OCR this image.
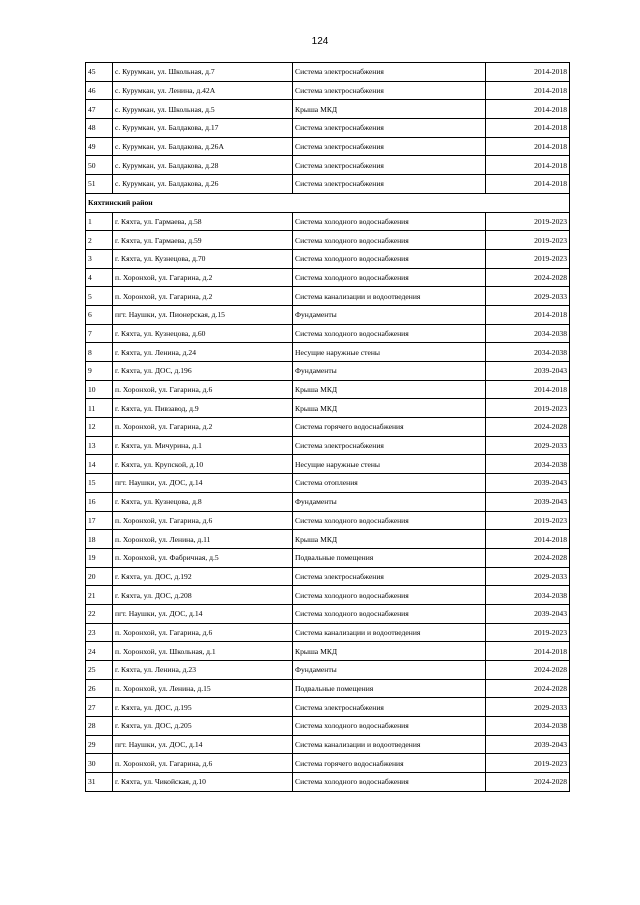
124
45	с. Курумкан, ул. Школьная, д.7	Система электроснабжения	2014-2018
46	с. Курумкан, ул. Ленина, д.42А	Система электроснабжения	2014-2018
47	с. Курумкан, ул. Школьная, д.5	Крыша МКД	2014-2018
48	с. Курумкан, ул. Балдакова, д.17	Система электроснабжения	2014-2018
49	с. Курумкан, ул. Балдакова, д.26А	Система электроснабжения	2014-2018
50	с. Курумкан, ул. Балдакова, д.28	Система электроснабжения	2014-2018
51	с. Курумкан, ул. Балдакова, д.26	Система электроснабжения	2014-2018
Кяхтинский район			
1	г. Кяхта, ул. Гармаева, д.58	Система холодного водоснабжения	2019-2023
2	г. Кяхта, ул. Гармаева, д.59	Система холодного водоснабжения	2019-2023
3	г. Кяхта, ул. Кузнецова, д.70	Система холодного водоснабжения	2019-2023
4	п. Хоронхой, ул. Гагарина, д.2	Система холодного водоснабжения	2024-2028
5	п. Хоронхой, ул. Гагарина, д.2	Система канализации и водоотведения	2029-2033
6	пгт. Наушки, ул. Пионерская, д.15	Фундаменты	2014-2018
7	г. Кяхта, ул. Кузнецова, д.60	Система холодного водоснабжения	2034-2038
8	г. Кяхта, ул. Ленина, д.24	Несущие наружные стены	2034-2038
9	г. Кяхта, ул. ДОС, д.196	Фундаменты	2039-2043
10	п. Хоронхой, ул. Гагарина, д.6	Крыша МКД	2014-2018
11	г. Кяхта, ул. Пивзавод, д.9	Крыша МКД	2019-2023
12	п. Хоронхой, ул. Гагарина, д.2	Система горячего водоснабжения	2024-2028
13	г. Кяхта, ул. Мичурина, д.1	Система электроснабжения	2029-2033
14	г. Кяхта, ул. Крупской, д.10	Несущие наружные стены	2034-2038
15	пгт. Наушки, ул. ДОС, д.14	Система отопления	2039-2043
16	г. Кяхта, ул. Кузнецова, д.8	Фундаменты	2039-2043
17	п. Хоронхой, ул. Гагарина, д.6	Система холодного водоснабжения	2019-2023
18	п. Хоронхой, ул. Ленина, д.11	Крыша МКД	2014-2018
19	п. Хоронхой, ул. Фабричная, д.5	Подвальные помещения	2024-2028
20	г. Кяхта, ул. ДОС, д.192	Система электроснабжения	2029-2033
21	г. Кяхта, ул. ДОС, д.208	Система холодного водоснабжения	2034-2038
22	пгт. Наушки, ул. ДОС, д.14	Система холодного водоснабжения	2039-2043
23	п. Хоронхой, ул. Гагарина, д.6	Система канализации и водоотведения	2019-2023
24	п. Хоронхой, ул. Школьная, д.1	Крыша МКД	2014-2018
25	г. Кяхта, ул. Ленина, д.23	Фундаменты	2024-2028
26	п. Хоронхой, ул. Ленина, д.15	Подвальные помещения	2024-2028
27	г. Кяхта, ул. ДОС, д.195	Система электроснабжения	2029-2033
28	г. Кяхта, ул. ДОС, д.205	Система холодного водоснабжения	2034-2038
29	пгт. Наушки, ул. ДОС, д.14	Система канализации и водоотведения	2039-2043
30	п. Хоронхой, ул. Гагарина, д.6	Система горячего водоснабжения	2019-2023
31	г. Кяхта, ул. Чикойская, д.10	Система холодного водоснабжения	2024-2028
